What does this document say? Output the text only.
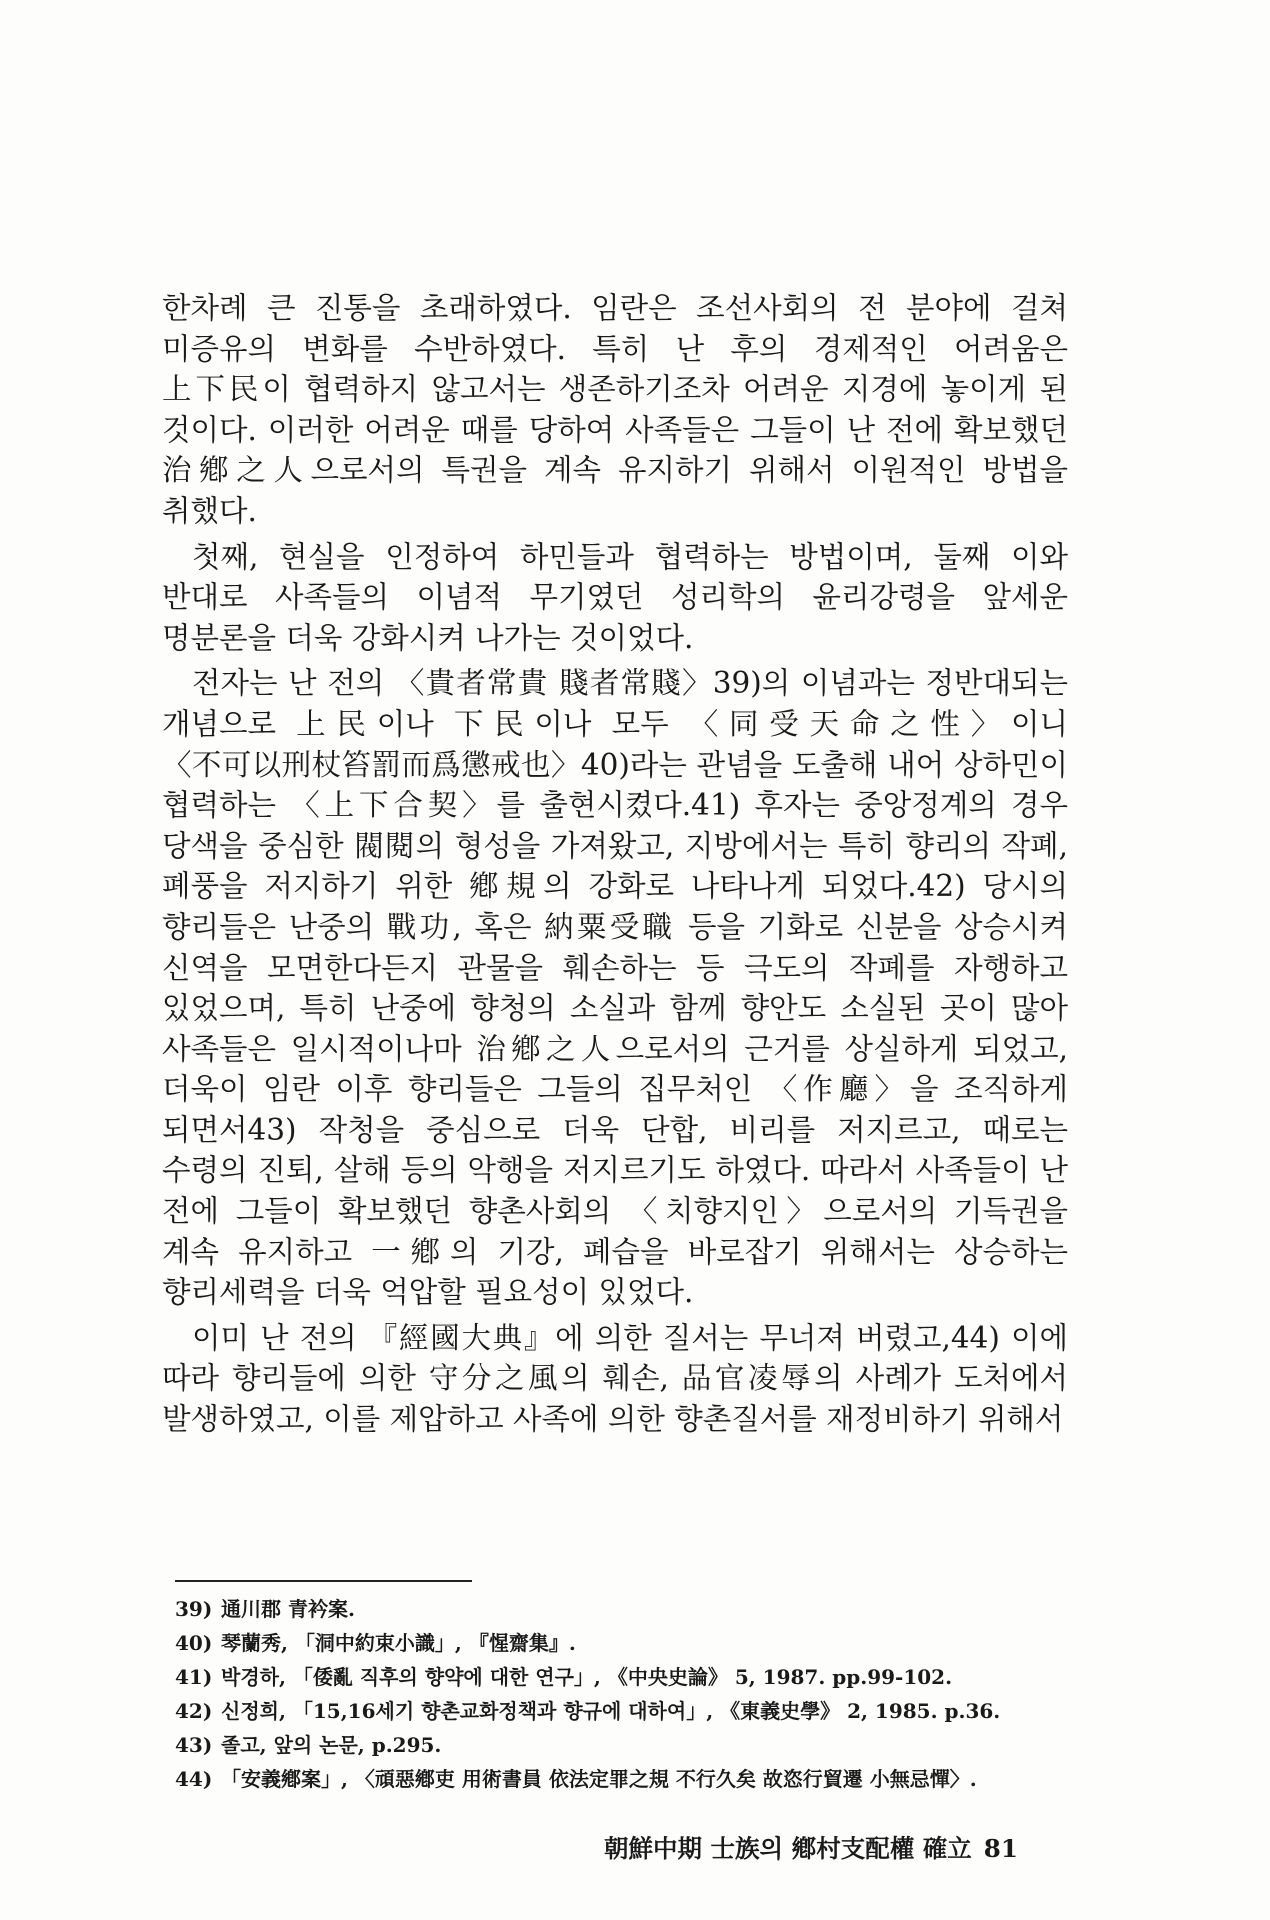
한차례 큰 진통을 초래하였다. 임란은 조선사회의 전 분야에 걸쳐 미증유의 변화를 수반하였다. 특히 난 후의 경제적인 어려움은 上下民이 협력하지 않고서는 생존하기조차 어려운 지경에 놓이게 된 것이다. 이러한 어려운 때를 당하여 사족들은 그들이 난 전에 확보했던 治鄕之人으로서의 특권을 계속 유지하기 위해서 이원적인 방법을 취했다.

첫째, 현실을 인정하여 하민들과 협력하는 방법이며, 둘째 이와 반대로 사족들의 이념적 무기였던 성리학의 윤리강령을 앞세운 명분론을 더욱 강화시켜 나가는 것이었다.

전자는 난 전의 〈貴者常貴 賤者常賤〉39)의 이념과는 정반대되는 개념으로 上民이나 下民이나 모두 〈同受天命之性〉이니 〈不可以刑杖笞罰而爲懲戒也〉40)라는 관념을 도출해 내어 상하민이 협력하는 〈上下合契〉를 출현시켰다.41) 후자는 중앙정계의 경우 당색을 중심한 閥閱의 형성을 가져왔고, 지방에서는 특히 향리의 작폐, 폐풍을 저지하기 위한 鄕規의 강화로 나타나게 되었다.42) 당시의 향리들은 난중의 戰功, 혹은 納粟受職 등을 기화로 신분을 상승시켜 신역을 모면한다든지 관물을 훼손하는 등 극도의 작폐를 자행하고 있었으며, 특히 난중에 향청의 소실과 함께 향안도 소실된 곳이 많아 사족들은 일시적이나마 治鄕之人으로서의 근거를 상실하게 되었고, 더욱이 임란 이후 향리들은 그들의 집무처인 〈作廳〉을 조직하게 되면서43) 작청을 중심으로 더욱 단합, 비리를 저지르고, 때로는 수령의 진퇴, 살해 등의 악행을 저지르기도 하였다. 따라서 사족들이 난 전에 그들이 확보했던 향촌사회의 〈치향지인〉으로서의 기득권을 계속 유지하고 一鄕의 기강, 폐습을 바로잡기 위해서는 상승하는 향리세력을 더욱 억압할 필요성이 있었다.

이미 난 전의 『經國大典』에 의한 질서는 무너져 버렸고,44) 이에 따라 향리들에 의한 守分之風의 훼손, 品官凌辱의 사례가 도처에서 발생하였고, 이를 제압하고 사족에 의한 향촌질서를 재정비하기 위해서

39) 通川郡 青衿案.
40) 琴蘭秀, 「洞中約束小識」, 『惺齋集』.
41) 박경하, 「倭亂 직후의 향약에 대한 연구」, 《中央史論》 5, 1987. pp.99-102.
42) 신정희, 「15,16세기 향촌교화정책과 향규에 대하여」, 《東義史學》 2, 1985. p.36.
43) 졸고, 앞의 논문, p.295.
44) 「安義鄕案」, 〈頑惡鄕吏 用術書員 依法定罪之規 不行久矣 故恣行貿遷 小無忌憚〉.
朝鮮中期 士族의 鄕村支配權 確立 81
